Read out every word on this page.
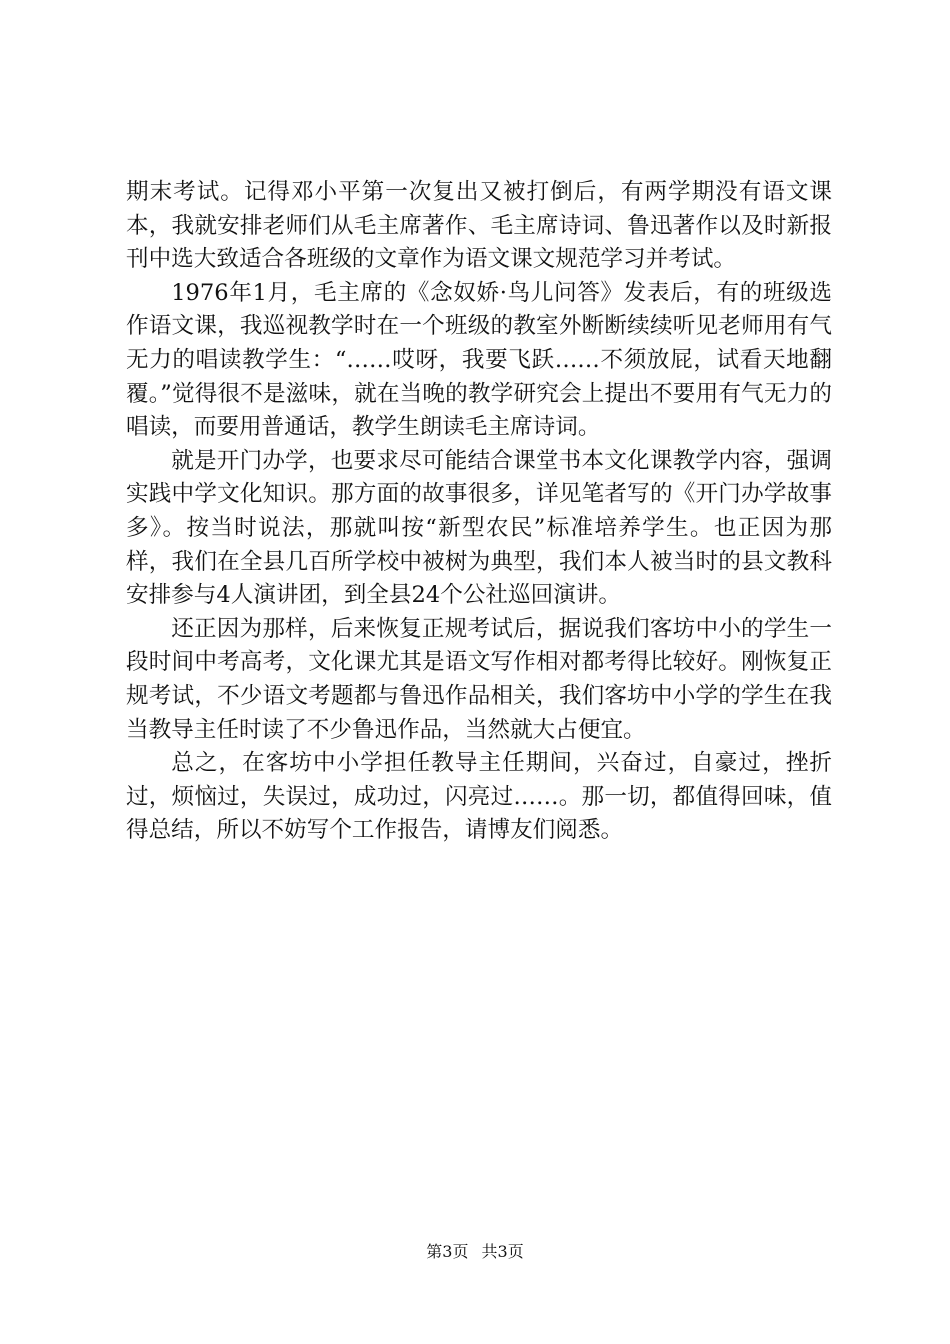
期末考试。记得邓小平第一次复出又被打倒后，有两学期没有语文课本，我就安排老师们从毛主席著作、毛主席诗词、鲁迅著作以及时新报刊中选大致适合各班级的文章作为语文课文规范学习并考试。

1976年1月，毛主席的《念奴娇·鸟儿问答》发表后，有的班级选作语文课，我巡视教学时在一个班级的教室外断断续续听见老师用有气无力的唱读教学生：“……哎呀，我要飞跃……不须放屁，试看天地翻覆。”觉得很不是滋味，就在当晚的教学研究会上提出不要用有气无力的唱读，而要用普通话，教学生朗读毛主席诗词。

就是开门办学，也要求尽可能结合课堂书本文化课教学内容，强调实践中学文化知识。那方面的故事很多，详见笔者写的《开门办学故事多》。按当时说法，那就叫按“新型农民”标准培养学生。也正因为那样，我们在全县几百所学校中被树为典型，我们本人被当时的县文教科安排参与4人演讲团，到全县24个公社巡回演讲。

还正因为那样，后来恢复正规考试后，据说我们客坊中小的学生一段时间中考高考，文化课尤其是语文写作相对都考得比较好。刚恢复正规考试，不少语文考题都与鲁迅作品相关，我们客坊中小学的学生在我当教导主任时读了不少鲁迅作品，当然就大占便宜。

总之，在客坊中小学担任教导主任期间，兴奋过，自豪过，挫折过，烦恼过，失误过，成功过，闪亮过……。那一切，都值得回味，值得总结，所以不妨写个工作报告，请博友们阅悉。

第3页 共3页
